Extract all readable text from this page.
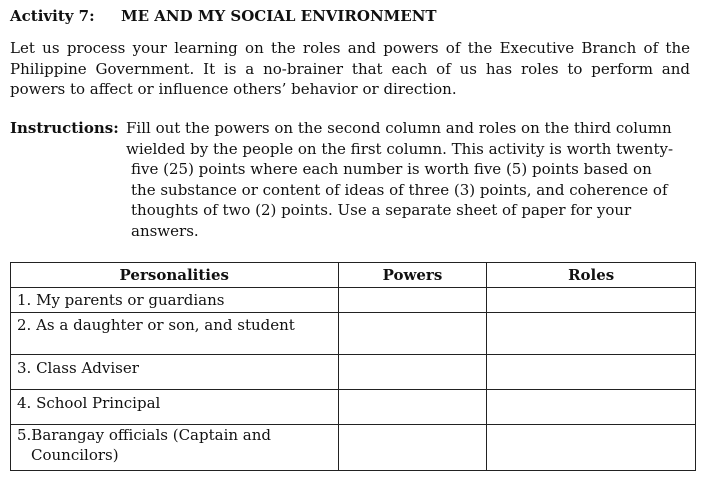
Activity 7: ME AND MY SOCIAL ENVIRONMENT

Let us process your learning on the roles and powers of the Executive Branch of the Philippine Government. It is a no-brainer that each of us has roles to perform and powers to affect or influence others’ behavior or direction.

Instructions: Fill out the powers on the second column and roles on the third column
wielded by the people on the first column. This activity is worth twenty-
five (25) points where each number is worth five (5) points based on
the substance or content of ideas of three (3) points, and coherence of
thoughts of two (2) points. Use a separate sheet of paper for your
answers.
Personalities	Powers	Roles
1. My parents or guardians		
2. As a daughter or son, and student		
3. Class Adviser		
4. School Principal		
5.Barangay officials (Captain and
Councilors)		
